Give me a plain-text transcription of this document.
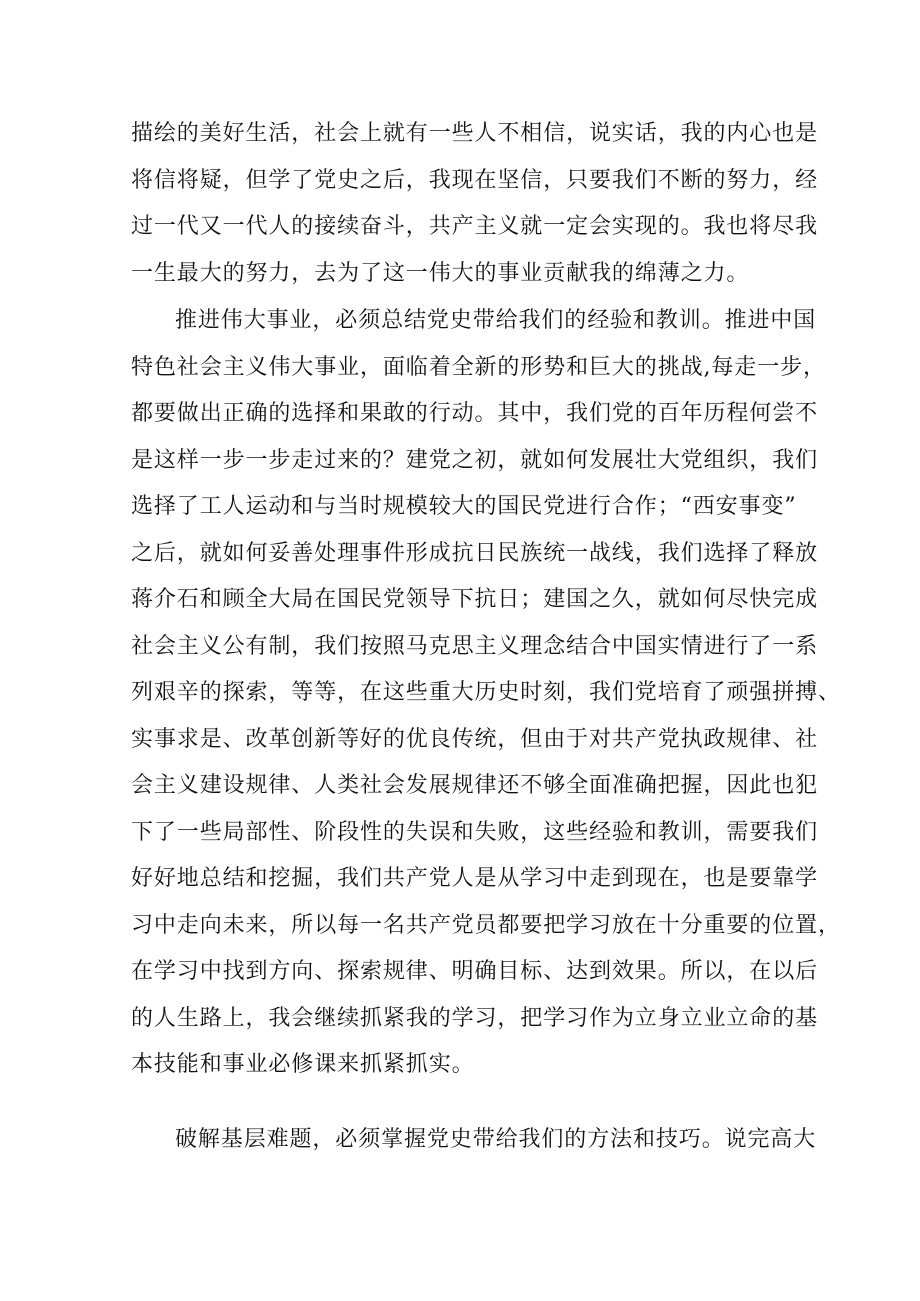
描绘的美好生活，社会上就有一些人不相信，说实话，我的内心也是
将信将疑，但学了党史之后，我现在坚信，只要我们不断的努力，经
过一代又一代人的接续奋斗，共产主义就一定会实现的。我也将尽我
一生最大的努力，去为了这一伟大的事业贡献我的绵薄之力。
推进伟大事业，必须总结党史带给我们的经验和教训。推进中国
特色社会主义伟大事业，面临着全新的形势和巨大的挑战,每走一步，
都要做出正确的选择和果敢的行动。其中，我们党的百年历程何尝不
是这样一步一步走过来的？建党之初，就如何发展壮大党组织，我们
选择了工人运动和与当时规模较大的国民党进行合作；“西安事变”
之后，就如何妥善处理事件形成抗日民族统一战线，我们选择了释放
蒋介石和顾全大局在国民党领导下抗日；建国之久，就如何尽快完成
社会主义公有制，我们按照马克思主义理念结合中国实情进行了一系
列艰辛的探索，等等，在这些重大历史时刻，我们党培育了顽强拼搏、
实事求是、改革创新等好的优良传统，但由于对共产党执政规律、社
会主义建设规律、人类社会发展规律还不够全面准确把握，因此也犯
下了一些局部性、阶段性的失误和失败，这些经验和教训，需要我们
好好地总结和挖掘，我们共产党人是从学习中走到现在，也是要靠学
习中走向未来，所以每一名共产党员都要把学习放在十分重要的位置，
在学习中找到方向、探索规律、明确目标、达到效果。所以，在以后
的人生路上，我会继续抓紧我的学习，把学习作为立身立业立命的基
本技能和事业必修课来抓紧抓实。
破解基层难题，必须掌握党史带给我们的方法和技巧。说完高大
